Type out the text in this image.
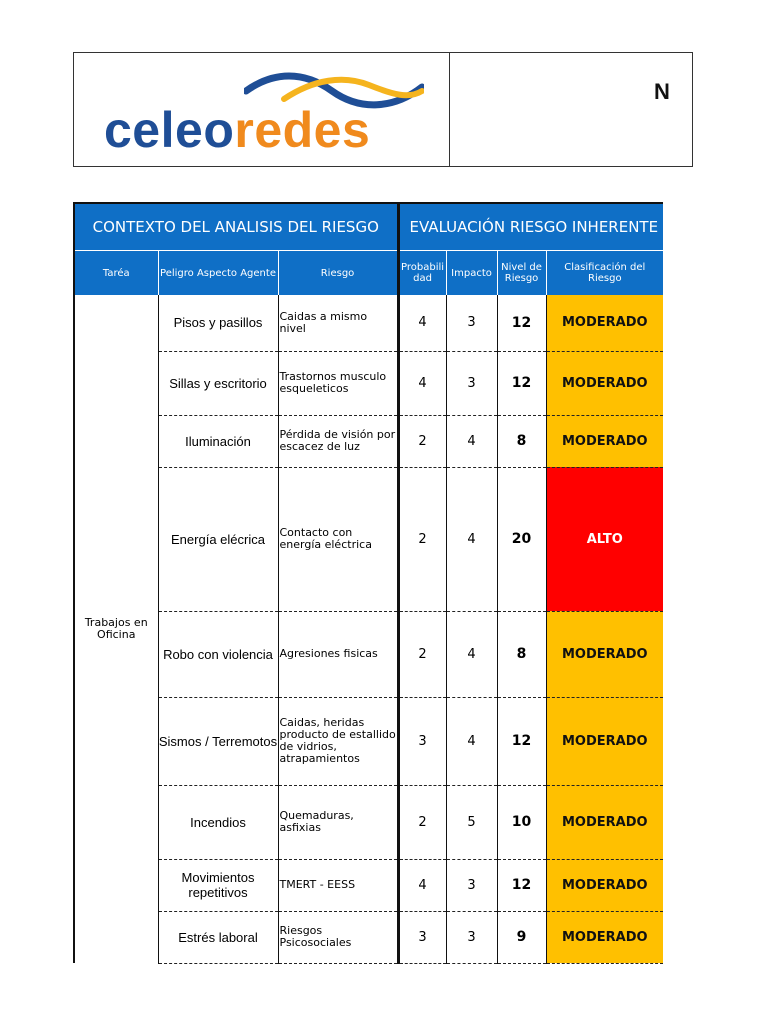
celeoredes
N
CONTEXTO DEL ANALISIS DEL RIESGO			EVALUACIÓN RIESGO INHERENTE				
Taréa	Peligro Aspecto Agente	Riesgo	Probabilidad	Impacto	Nivel de Riesgo	Clasificación del Riesgo	
Trabajos en Oficina	Pisos y pasillos	Caidas a mismo nivel	4	3	12	MODERADO	
	Sillas y escritorio	Trastornos musculo esqueleticos	4	3	12	MODERADO	
	Iluminación	Pérdida de visión por escacez de luz	2	4	8	MODERADO	
	Energía elécrica	Contacto con energía eléctrica	2	4	20	ALTO	
	Robo con violencia	Agresiones fisicas	2	4	8	MODERADO	
	Sismos / Terremotos	Caidas, heridas producto de estallido de vidrios, atrapamientos	3	4	12	MODERADO	
	Incendios	Quemaduras, asfixias	2	5	10	MODERADO	
	Movimientos repetitivos	TMERT - EESS	4	3	12	MODERADO	
	Estrés laboral	Riesgos Psicosociales	3	3	9	MODERADO	
